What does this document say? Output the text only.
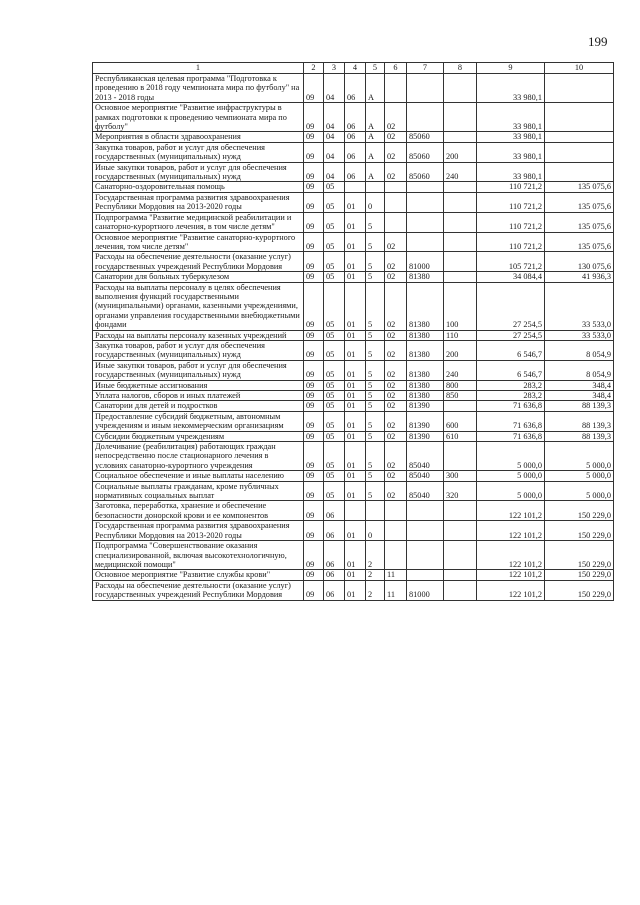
199
1	2	3	4	5	6	7	8	9	10
Республиканская целевая программа "Подготовка к проведению в 2018 году чемпионата мира по футболу" на 2013 - 2018 годы	09	04	06	А				33 980,1	
Основное мероприятие "Развитие инфраструктуры в рамках подготовки к проведению чемпионата мира по футболу"	09	04	06	А	02			33 980,1	
Мероприятия в области здравоохранения	09	04	06	А	02	85060		33 980,1	
Закупка товаров, работ и услуг для обеспечения государственных (муниципальных) нужд	09	04	06	А	02	85060	200	33 980,1	
Иные закупки товаров, работ и услуг для обеспечения государственных (муниципальных) нужд	09	04	06	А	02	85060	240	33 980,1	
Санаторно-оздоровительная помощь	09	05						110 721,2	135 075,6
Государственная программа развития здравоохранения Республики Мордовия на 2013-2020 годы	09	05	01	0				110 721,2	135 075,6
Подпрограмма "Развитие медицинской реабилитации и санаторно-курортного лечения, в том числе детям"	09	05	01	5				110 721,2	135 075,6
Основное мероприятие "Развитие санаторно-курортного лечения, том числе детям"	09	05	01	5	02			110 721,2	135 075,6
Расходы на обеспечение деятельности (оказание услуг) государственных учреждений Республики Мордовия	09	05	01	5	02	81000		105 721,2	130 075,6
Санатории для больных туберкулезом	09	05	01	5	02	81380		34 084,4	41 936,3
Расходы на выплаты персоналу в целях обеспечения выполнения функций государственными (муниципальными) органами, казенными учреждениями, органами управления государственными внебюджетными фондами	09	05	01	5	02	81380	100	27 254,5	33 533,0
Расходы на выплаты персоналу казенных учреждений	09	05	01	5	02	81380	110	27 254,5	33 533,0
Закупка товаров, работ и услуг для обеспечения государственных (муниципальных) нужд	09	05	01	5	02	81380	200	6 546,7	8 054,9
Иные закупки товаров, работ и услуг для обеспечения государственных (муниципальных) нужд	09	05	01	5	02	81380	240	6 546,7	8 054,9
Иные бюджетные ассигнования	09	05	01	5	02	81380	800	283,2	348,4
Уплата налогов, сборов и иных платежей	09	05	01	5	02	81380	850	283,2	348,4
Санатории для детей и подростков	09	05	01	5	02	81390		71 636,8	88 139,3
Предоставление субсидий бюджетным, автономным учреждениям и иным некоммерческим организациям	09	05	01	5	02	81390	600	71 636,8	88 139,3
Субсидии бюджетным учреждениям	09	05	01	5	02	81390	610	71 636,8	88 139,3
Долечивание (реабилитация) работающих граждан непосредственно после стационарного лечения в условиях санаторно-курортного учреждения	09	05	01	5	02	85040		5 000,0	5 000,0
Социальное обеспечение и иные выплаты населению	09	05	01	5	02	85040	300	5 000,0	5 000,0
Социальные выплаты гражданам, кроме публичных нормативных социальных выплат	09	05	01	5	02	85040	320	5 000,0	5 000,0
Заготовка, переработка, хранение и обеспечение безопасности донорской крови и ее компонентов	09	06						122 101,2	150 229,0
Государственная программа развития здравоохранения Республики Мордовия на 2013-2020 годы	09	06	01	0				122 101,2	150 229,0
Подпрограмма "Совершенствование оказания специализированной, включая высокотехнологичную, медицинской помощи"	09	06	01	2				122 101,2	150 229,0
Основное мероприятие "Развитие службы крови"	09	06	01	2	11			122 101,2	150 229,0
Расходы на обеспечение деятельности (оказание услуг) государственных учреждений Республики Мордовия	09	06	01	2	11	81000		122 101,2	150 229,0
